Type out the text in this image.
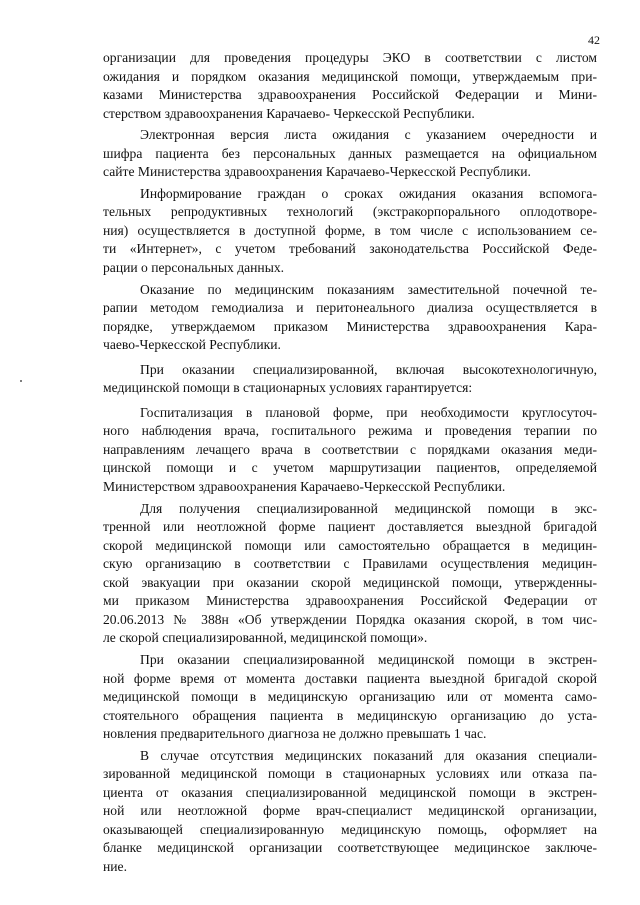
42
организации для проведения процедуры ЭКО в соответствии с листом
ожидания и порядком оказания медицинской помощи, утверждаемым при-
казами Министерства здравоохранения Российской Федерации и Мини-
стерством здравоохранения Карачаево- Черкесской Республики.
Электронная версия листа ожидания с указанием очередности и
шифра пациента без персональных данных размещается на официальном
сайте Министерства здравоохранения Карачаево-Черкесской Республики.
Информирование граждан о сроках ожидания оказания вспомога-
тельных репродуктивных технологий (экстракорпорального оплодотворе-
ния) осуществляется в доступной форме, в том числе с использованием се-
ти «Интернет», с учетом требований законодательства Российской Феде-
рации о персональных данных.
Оказание по медицинским показаниям заместительной почечной те-
рапии методом гемодиализа и перитонеального диализа осуществляется в
порядке, утверждаемом приказом Министерства здравоохранения Кара-
чаево-Черкесской Республики.
При оказании специализированной, включая высокотехнологичную,
медицинской помощи в стационарных условиях гарантируется:
Госпитализация в плановой форме, при необходимости круглосуточ-
ного наблюдения врача, госпитального режима и проведения терапии по
направлениям лечащего врача в соответствии с порядками оказания меди-
цинской помощи и с учетом маршрутизации пациентов, определяемой
Министерством здравоохранения Карачаево-Черкесской Республики.
Для получения специализированной медицинской помощи в экс-
тренной или неотложной форме пациент доставляется выездной бригадой
скорой медицинской помощи или самостоятельно обращается в медицин-
скую организацию в соответствии с Правилами осуществления медицин-
ской эвакуации при оказании скорой медицинской помощи, утвержденны-
ми приказом Министерства здравоохранения Российской Федерации от
20.06.2013 № 388н «Об утверждении Порядка оказания скорой, в том чис-
ле скорой специализированной, медицинской помощи».
При оказании специализированной медицинской помощи в экстрен-
ной форме время от момента доставки пациента выездной бригадой скорой
медицинской помощи в медицинскую организацию или от момента само-
стоятельного обращения пациента в медицинскую организацию до уста-
новления предварительного диагноза не должно превышать 1 час.
В случае отсутствия медицинских показаний для оказания специали-
зированной медицинской помощи в стационарных условиях или отказа па-
циента от оказания специализированной медицинской помощи в экстрен-
ной или неотложной форме врач-специалист медицинской организации,
оказывающей специализированную медицинскую помощь, оформляет на
бланке медицинской организации соответствующее медицинское заключе-
ние.
